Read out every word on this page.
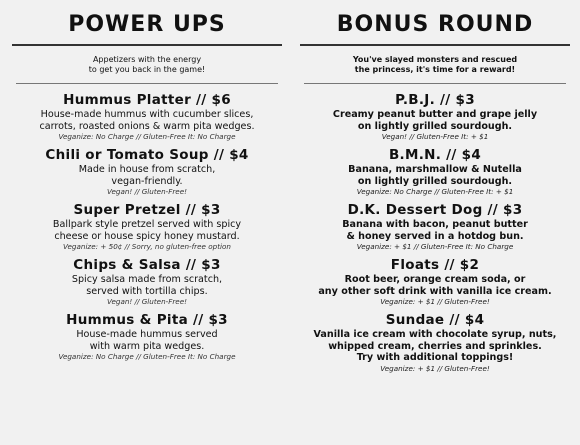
POWER UPS
Appetizers with the energy
to get you back in the game!
Hummus Platter // $6
House-made hummus with cucumber slices,
carrots, roasted onions & warm pita wedges.
Veganize: No Charge // Gluten-Free It: No Charge
Chili or Tomato Soup // $4
Made in house from scratch,
vegan-friendly.
Vegan! // Gluten-Free!
Super Pretzel // $3
Ballpark style pretzel served with spicy
cheese or house spicy honey mustard.
Veganize: + 50¢ // Sorry, no gluten-free option
Chips & Salsa // $3
Spicy salsa made from scratch,
served with tortilla chips.
Vegan! // Gluten-Free!
Hummus & Pita // $3
House-made hummus served
with warm pita wedges.
Veganize: No Charge // Gluten-Free It: No Charge
BONUS ROUND
You've slayed monsters and rescued
the princess, it's time for a reward!
P.B.J. // $3
Creamy peanut butter and grape jelly
on lightly grilled sourdough.
Vegan! // Gluten-Free It: + $1
B.M.N. // $4
Banana, marshmallow & Nutella
on lightly grilled sourdough.
Veganize: No Charge // Gluten-Free It: + $1
D.K. Dessert Dog // $3
Banana with bacon, peanut butter
& honey served in a hotdog bun.
Veganize: + $1 // Gluten-Free It: No Charge
Floats // $2
Root beer, orange cream soda, or
any other soft drink with vanilla ice cream.
Veganize: + $1 // Gluten-Free!
Sundae // $4
Vanilla ice cream with chocolate syrup, nuts,
whipped cream, cherries and sprinkles.
Try with additional toppings!
Veganize: + $1 // Gluten-Free!
